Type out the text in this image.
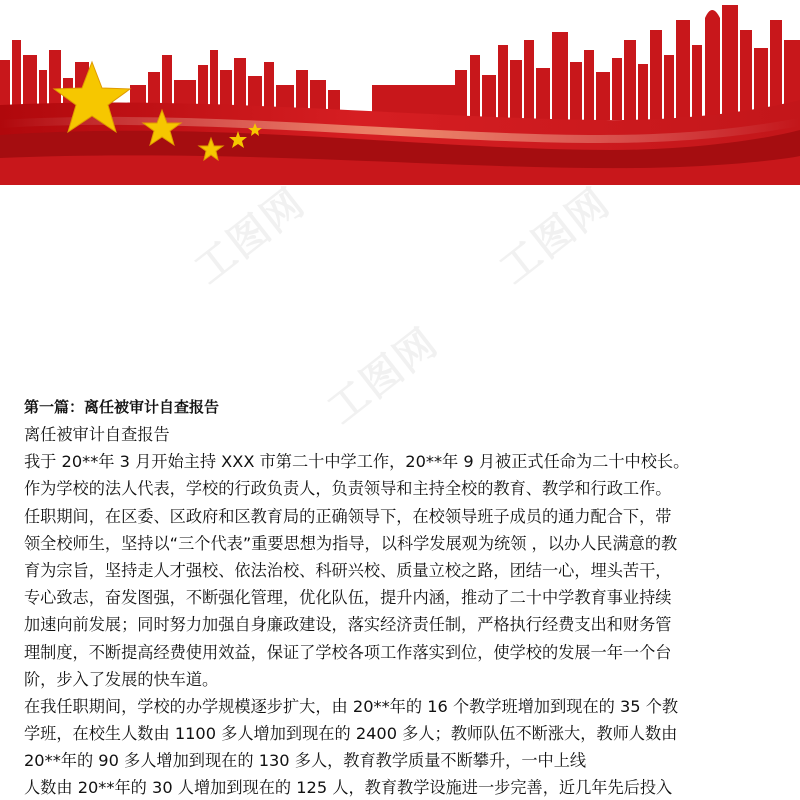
工图网	工图网
工图网
第一篇：离任被审计自查报告
离任被审计自查报告
我于 20**年 3 月开始主持 XXX 市第二十中学工作，20**年 9 月被正式任命为二十中校长。
作为学校的法人代表，学校的行政负责人，负责领导和主持全校的教育、教学和行政工作。
任职期间，在区委、区政府和区教育局的正确领导下，在校领导班子成员的通力配合下，带
领全校师生，坚持以“三个代表”重要思想为指导，以科学发展观为统领 ，以办人民满意的教
育为宗旨，坚持走人才强校、依法治校、科研兴校、质量立校之路，团结一心，埋头苦干，
专心致志，奋发图强，不断强化管理，优化队伍，提升内涵，推动了二十中学教育事业持续
加速向前发展；同时努力加强自身廉政建设，落实经济责任制，严格执行经费支出和财务管
理制度，不断提高经费使用效益，保证了学校各项工作落实到位，使学校的发展一年一个台
阶，步入了发展的快车道。
在我任职期间，学校的办学规模逐步扩大，由 20**年的 16 个教学班增加到现在的 35 个教
学班，在校生人数由 1100 多人增加到现在的 2400 多人；教师队伍不断涨大，教师人数由
20**年的 90 多人增加到现在的 130 多人，教育教学质量不断攀升，一中上线
人数由 20**年的 30 人增加到现在的 125 人，教育教学设施进一步完善，近几年先后投入
